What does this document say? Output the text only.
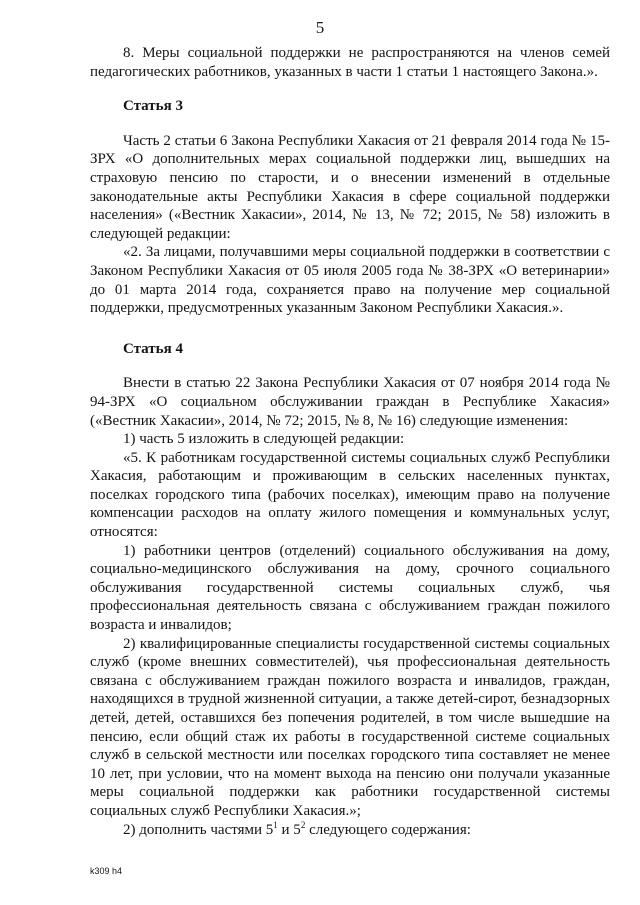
5

8. Меры социальной поддержки не распространяются на членов семей педагогических работников, указанных в части 1 статьи 1 настоящего Закона.».

Статья 3

Часть 2 статьи 6 Закона Республики Хакасия от 21 февраля 2014 года № 15-ЗРХ «О дополнительных мерах социальной поддержки лиц, вышедших на страховую пенсию по старости, и о внесении изменений в отдельные законодательные акты Республики Хакасия в сфере социальной поддержки населения» («Вестник Хакасии», 2014, № 13, № 72; 2015, № 58) изложить в следующей редакции:

«2. За лицами, получавшими меры социальной поддержки в соответствии с Законом Республики Хакасия от 05 июля 2005 года № 38-ЗРХ «О ветеринарии» до 01 марта 2014 года, сохраняется право на получение мер социальной поддержки, предусмотренных указанным Законом Республики Хакасия.».

Статья 4

Внести в статью 22 Закона Республики Хакасия от 07 ноября 2014 года № 94-ЗРХ «О социальном обслуживании граждан в Республике Хакасия» («Вестник Хакасии», 2014, № 72; 2015, № 8, № 16) следующие изменения:

1) часть 5 изложить в следующей редакции:

«5. К работникам государственной системы социальных служб Республики Хакасия, работающим и проживающим в сельских населенных пунктах, поселках городского типа (рабочих поселках), имеющим право на получение компенсации расходов на оплату жилого помещения и коммунальных услуг, относятся:

1) работники центров (отделений) социального обслуживания на дому, социально-медицинского обслуживания на дому, срочного социального обслуживания государственной системы социальных служб, чья профессиональная деятельность связана с обслуживанием граждан пожилого возраста и инвалидов;

2) квалифицированные специалисты государственной системы социальных служб (кроме внешних совместителей), чья профессиональная деятельность связана с обслуживанием граждан пожилого возраста и инвалидов, граждан, находящихся в трудной жизненной ситуации, а также детей-сирот, безнадзорных детей, детей, оставшихся без попечения родителей, в том числе вышедшие на пенсию, если общий стаж их работы в государственной системе социальных служб в сельской местности или поселках городского типа составляет не менее 10 лет, при условии, что на момент выхода на пенсию они получали указанные меры социальной поддержки как работники государственной системы социальных служб Республики Хакасия.»;

2) дополнить частями $5^1$ и $5^2$ следующего содержания:

k309 h4
